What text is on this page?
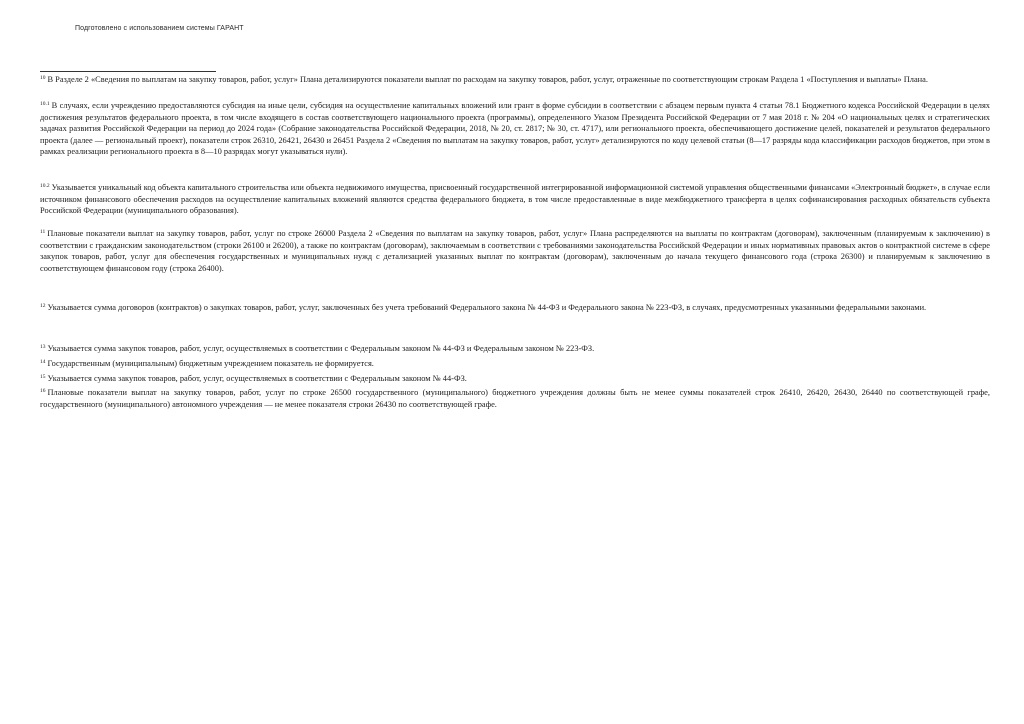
Подготовлено с использованием системы ГАРАНТ
$^{10}$ В Разделе 2 «Сведения по выплатам на закупку товаров, работ, услуг» Плана детализируются показатели выплат по расходам на закупку товаров, работ, услуг, отраженные по соответствующим строкам Раздела 1 «Поступления и выплаты» Плана.
$^{10.1}$ В случаях, если учреждению предоставляются субсидия на иные цели, субсидия на осуществление капитальных вложений или грант в форме субсидии в соответствии с абзацем первым пункта 4 статьи 78.1 Бюджетного кодекса Российской Федерации в целях достижения результатов федерального проекта, в том числе входящего в состав соответствующего национального проекта (программы), определенного Указом Президента Российской Федерации от 7 мая 2018 г. № 204 «О национальных целях и стратегических задачах развития Российской Федерации на период до 2024 года» (Собрание законодательства Российской Федерации, 2018, № 20, ст. 2817; № 30, ст. 4717), или регионального проекта, обеспечивающего достижение целей, показателей и результатов федерального проекта (далее — региональный проект), показатели строк 26310, 26421, 26430 и 26451 Раздела 2 «Сведения по выплатам на закупку товаров, работ, услуг» детализируются по коду целевой статьи (8—17 разряды кода классификации расходов бюджетов, при этом в рамках реализации регионального проекта в 8—10 разрядах могут указываться нули).
$^{10.2}$ Указывается уникальный код объекта капитального строительства или объекта недвижимого имущества, присвоенный государственной интегрированной информационной системой управления общественными финансами «Электронный бюджет», в случае если источником финансового обеспечения расходов на осуществление капитальных вложений являются средства федерального бюджета, в том числе предоставленные в виде межбюджетного трансферта в целях софинансирования расходных обязательств субъекта Российской Федерации (муниципального образования).
$^{11}$ Плановые показатели выплат на закупку товаров, работ, услуг по строке 26000 Раздела 2 «Сведения по выплатам на закупку товаров, работ, услуг» Плана распределяются на выплаты по контрактам (договорам), заключенным (планируемым к заключению) в соответствии с гражданским законодательством (строки 26100 и 26200), а также по контрактам (договорам), заключаемым в соответствии с требованиями законодательства Российской Федерации и иных нормативных правовых актов о контрактной системе в сфере закупок товаров, работ, услуг для обеспечения государственных и муниципальных нужд с детализацией указанных выплат по контрактам (договорам), заключенным до начала текущего финансового года (строка 26300) и планируемым к заключению в соответствующем финансовом году (строка 26400).
$^{12}$ Указывается сумма договоров (контрактов) о закупках товаров, работ, услуг, заключенных без учета требований Федерального закона № 44-ФЗ и Федерального закона № 223-ФЗ, в случаях, предусмотренных указанными федеральными законами.
$^{13}$ Указывается сумма закупок товаров, работ, услуг, осуществляемых в соответствии с Федеральным законом № 44-ФЗ и Федеральным законом № 223-ФЗ.
$^{14}$ Государственным (муниципальным) бюджетным учреждением показатель не формируется.
$^{15}$ Указывается сумма закупок товаров, работ, услуг, осуществляемых в соответствии с Федеральным законом № 44-ФЗ.
$^{16}$ Плановые показатели выплат на закупку товаров, работ, услуг по строке 26500 государственного (муниципального) бюджетного учреждения должны быть не менее суммы показателей строк 26410, 26420, 26430, 26440 по соответствующей графе, государственного (муниципального) автономного учреждения — не менее показателя строки 26430 по соответствующей графе.
